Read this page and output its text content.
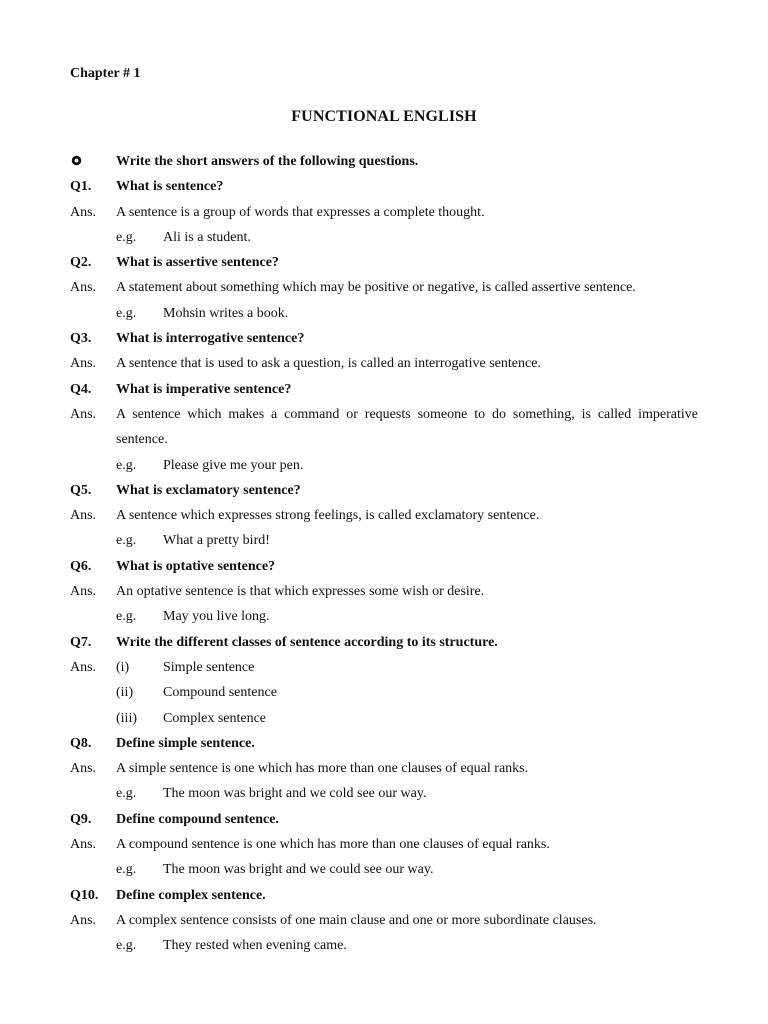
Chapter # 1
FUNCTIONAL ENGLISH
Write the short answers of the following questions.
Q1.	What is sentence?
Ans.	A sentence is a group of words that expresses a complete thought.
e.g.	Ali is a student.
Q2.	What is assertive sentence?
Ans.	A statement about something which may be positive or negative, is called assertive sentence.
e.g.	Mohsin writes a book.
Q3.	What is interrogative sentence?
Ans.	A sentence that is used to ask a question, is called an interrogative sentence.
Q4.	What is imperative sentence?
Ans.	A sentence which makes a command or requests someone to do something, is called imperative sentence.
e.g.	Please give me your pen.
Q5.	What is exclamatory sentence?
Ans.	A sentence which expresses strong feelings, is called exclamatory sentence.
e.g.	What a pretty bird!
Q6.	What is optative sentence?
Ans.	An optative sentence is that which expresses some wish or desire.
e.g.	May you live long.
Q7.	Write the different classes of sentence according to its structure.
Ans.	(i)	Simple sentence
(ii)	Compound sentence
(iii)	Complex sentence
Q8.	Define simple sentence.
Ans.	A simple sentence is one which has more than one clauses of equal ranks.
e.g.	The moon was bright and we cold see our way.
Q9.	Define compound sentence.
Ans.	A compound sentence is one which has more than one clauses of equal ranks.
e.g.	The moon was bright and we could see our way.
Q10.	Define complex sentence.
Ans.	A complex sentence consists of one main clause and one or more subordinate clauses.
e.g.	They rested when evening came.
